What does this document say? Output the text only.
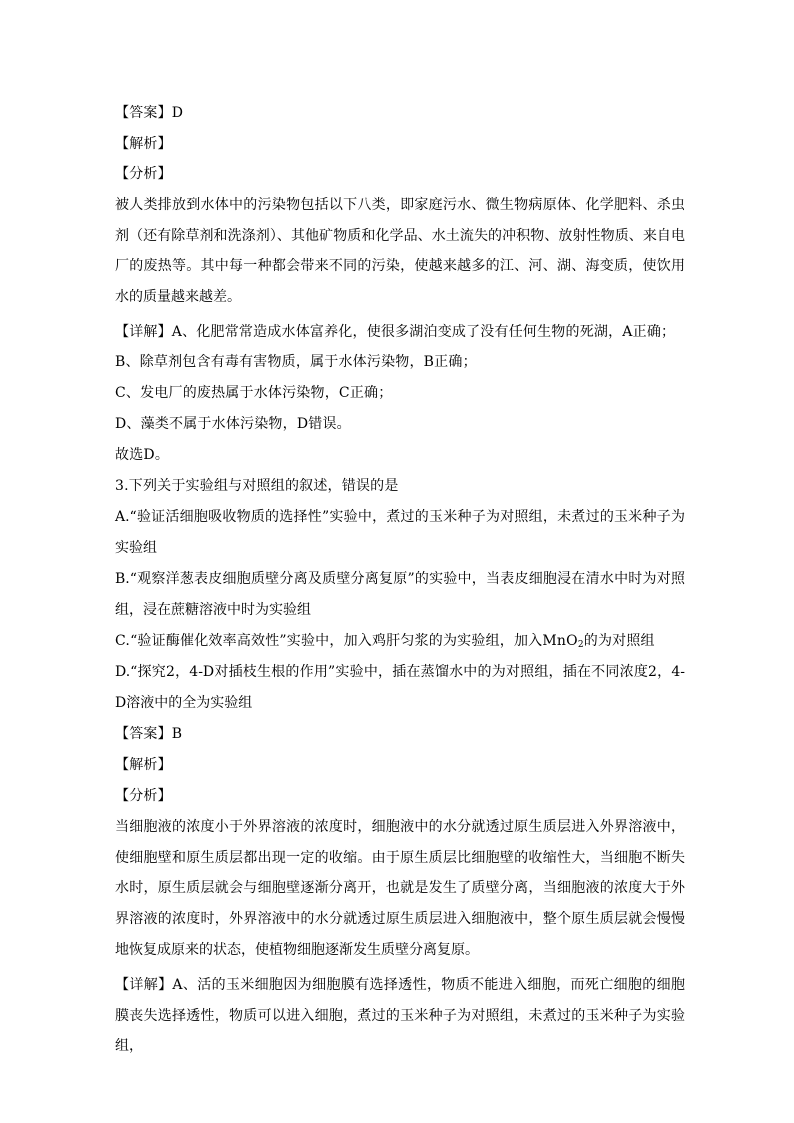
【答案】D
【解析】
【分析】
被人类排放到水体中的污染物包括以下八类，即家庭污水、微生物病原体、化学肥料、杀虫剂（还有除草剂和洗涤剂）、其他矿物质和化学品、水土流失的冲积物、放射性物质、来自电厂的废热等。其中每一种都会带来不同的污染，使越来越多的江、河、湖、海变质，使饮用水的质量越来越差。
【详解】A、化肥常常造成水体富养化，使很多湖泊变成了没有任何生物的死湖，A正确；
B、除草剂包含有毒有害物质，属于水体污染物，B正确；
C、发电厂的废热属于水体污染物，C正确；
D、藻类不属于水体污染物，D错误。
故选D。
3.下列关于实验组与对照组的叙述，错误的是
A.“验证活细胞吸收物质的选择性”实验中，煮过的玉米种子为对照组，未煮过的玉米种子为实验组
B.“观察洋葱表皮细胞质壁分离及质壁分离复原”的实验中，当表皮细胞浸在清水中时为对照组，浸在蔗糖溶液中时为实验组
C.“验证酶催化效率高效性”实验中，加入鸡肝匀浆的为实验组，加入MnO$_2$的为对照组
D.“探究2，4-D对插枝生根的作用”实验中，插在蒸馏水中的为对照组，插在不同浓度2，4-D溶液中的全为实验组
【答案】B
【解析】
【分析】
当细胞液的浓度小于外界溶液的浓度时，细胞液中的水分就透过原生质层进入外界溶液中，使细胞壁和原生质层都出现一定的收缩。由于原生质层比细胞壁的收缩性大，当细胞不断失水时，原生质层就会与细胞壁逐渐分离开，也就是发生了质壁分离，当细胞液的浓度大于外界溶液的浓度时，外界溶液中的水分就透过原生质层进入细胞液中，整个原生质层就会慢慢地恢复成原来的状态，使植物细胞逐渐发生质壁分离复原。
【详解】A、活的玉米细胞因为细胞膜有选择透性，物质不能进入细胞，而死亡细胞的细胞膜丧失选择透性，物质可以进入细胞，煮过的玉米种子为对照组，未煮过的玉米种子为实验组，
